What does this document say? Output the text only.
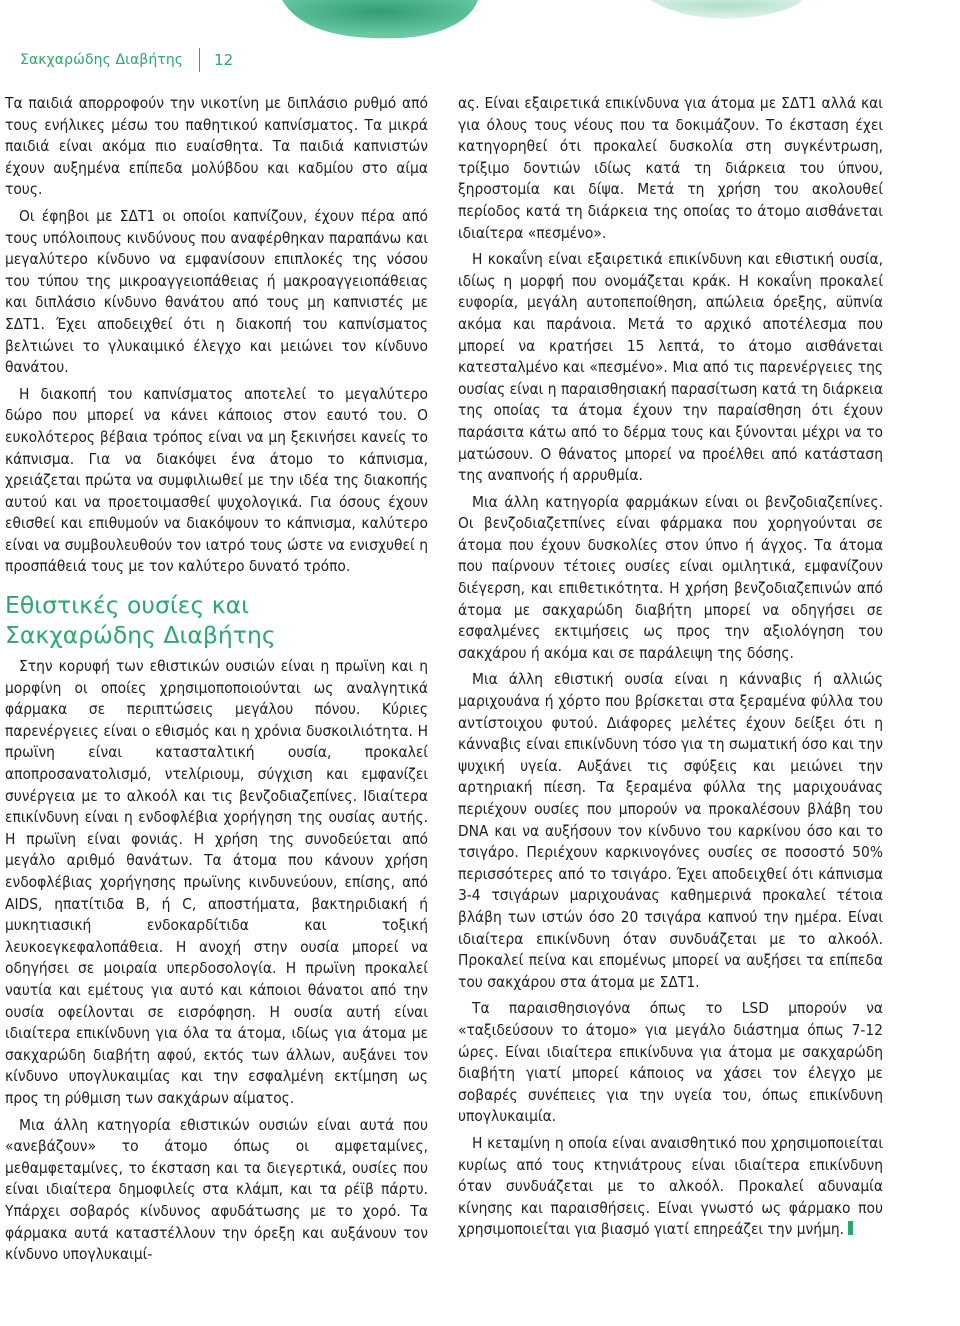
Σακχαρώδης Διαβήτης 12

Τα παιδιά απορροφούν την νικοτίνη με διπλάσιο ρυθμό από τους ενήλικες μέσω του παθητικού καπνίσματος. Τα μικρά παιδιά είναι ακόμα πιο ευαίσθητα. Τα παιδιά καπνιστών έχουν αυξημένα επίπεδα μολύβδου και καδμίου στο αίμα τους.

Οι έφηβοι με ΣΔΤ1 οι οποίοι καπνίζουν, έχουν πέρα από τους υπόλοιπους κινδύνους που αναφέρθηκαν παραπάνω και μεγαλύτερο κίνδυνο να εμφανίσουν επιπλοκές της νόσου του τύπου της μικροαγγειοπάθειας ή μακροαγγειοπάθειας και διπλάσιο κίνδυνο θανάτου από τους μη καπνιστές με ΣΔΤ1. Έχει αποδειχθεί ότι η διακοπή του καπνίσματος βελτιώνει το γλυκαιμικό έλεγχο και μειώνει τον κίνδυνο θανάτου.

Η διακοπή του καπνίσματος αποτελεί το μεγαλύτερο δώρο που μπορεί να κάνει κάποιος στον εαυτό του. Ο ευκολότερος βέβαια τρόπος είναι να μη ξεκινήσει κανείς το κάπνισμα. Για να διακόψει ένα άτομο το κάπνισμα, χρειάζεται πρώτα να συμφιλιωθεί με την ιδέα της διακοπής αυτού και να προετοιμασθεί ψυχολογικά. Για όσους έχουν εθισθεί και επιθυμούν να διακόψουν το κάπνισμα, καλύτερο είναι να συμβουλευθούν τον ιατρό τους ώστε να ενισχυθεί η προσπάθειά τους με τον καλύτερο δυνατό τρόπο.

Εθιστικές ουσίες και
Σακχαρώδης Διαβήτης

Στην κορυφή των εθιστικών ουσιών είναι η πρωϊνη και η μορφίνη οι οποίες χρησιμοποποιούνται ως αναλγητικά φάρμακα σε περιπτώσεις μεγάλου πόνου. Κύριες παρενέργειες είναι ο εθισμός και η χρόνια δυσκοιλιότητα. Η πρωϊνη είναι κατασταλτική ουσία, προκαλεί αποπροσανατολισμό, ντελίριουμ, σύγχιση και εμφανίζει συνέργεια με το αλκοόλ και τις βενζοδιαζεπίνες. Ιδιαίτερα επικίνδυνη είναι η ενδοφλέβια χορήγηση της ουσίας αυτής. Η πρωϊνη είναι φονιάς. Η χρήση της συνοδεύεται από μεγάλο αριθμό θανάτων. Τα άτομα που κάνουν χρήση ενδοφλέβιας χορήγησης πρωϊνης κινδυνεύουν, επίσης, από AIDS, ηπατίτιδα Β, ή C, αποστήματα, βακτηριδιακή ή μυκητιασική ενδοκαρδίτιδα και τοξική λευκοεγκεφαλοπάθεια. Η ανοχή στην ουσία μπορεί να οδηγήσει σε μοιραία υπερδοσολογία. Η πρωϊνη προκαλεί ναυτία και εμέτους για αυτό και κάποιοι θάνατοι από την ουσία οφείλονται σε εισρόφηση. Η ουσία αυτή είναι ιδιαίτερα επικίνδυνη για όλα τα άτομα, ιδίως για άτομα με σακχαρώδη διαβήτη αφού, εκτός των άλλων, αυξάνει τον κίνδυνο υπογλυκαιμίας και την εσφαλμένη εκτίμηση ως προς τη ρύθμιση των σακχάρων αίματος.

Μια άλλη κατηγορία εθιστικών ουσιών είναι αυτά που «ανεβάζουν» το άτομο όπως οι αμφεταμίνες, μεθαμφεταμίνες, το έκσταση και τα διεγερτικά, ουσίες που είναι ιδιαίτερα δημοφιλείς στα κλάμπ, και τα ρέϊβ πάρτυ. Υπάρχει σοβαρός κίνδυνος αφυδάτωσης με το χορό. Τα φάρμακα αυτά καταστέλλουν την όρεξη και αυξάνουν τον κίνδυνο υπογλυκαιμί-

ας. Είναι εξαιρετικά επικίνδυνα για άτομα με ΣΔΤ1 αλλά και για όλους τους νέους που τα δοκιμάζουν. Το έκσταση έχει κατηγορηθεί ότι προκαλεί δυσκολία στη συγκέντρωση, τρίξιμο δοντιών ιδίως κατά τη διάρκεια του ύπνου, ξηροστομία και δίψα. Μετά τη χρήση του ακολουθεί περίοδος κατά τη διάρκεια της οποίας το άτομο αισθάνεται ιδιαίτερα «πεσμένο».

Η κοκαΐνη είναι εξαιρετικά επικίνδυνη και εθιστική ουσία, ιδίως η μορφή που ονομάζεται κράκ. Η κοκαΐνη προκαλεί ευφορία, μεγάλη αυτοπεποίθηση, απώλεια όρεξης, αϋπνία ακόμα και παράνοια. Μετά το αρχικό αποτέλεσμα που μπορεί να κρατήσει 15 λεπτά, το άτομο αισθάνεται κατεσταλμένο και «πεσμένο». Μια από τις παρενέργειες της ουσίας είναι η παραισθησιακή παρασίτωση κατά τη διάρκεια της οποίας τα άτομα έχουν την παραίσθηση ότι έχουν παράσιτα κάτω από το δέρμα τους και ξύνονται μέχρι να το ματώσουν. Ο θάνατος μπορεί να προέλθει από κατάσταση της αναπνοής ή αρρυθμία.

Μια άλλη κατηγορία φαρμάκων είναι οι βενζοδιαζεπίνες. Οι βενζοδιαζετπίνες είναι φάρμακα που χορηγούνται σε άτομα που έχουν δυσκολίες στον ύπνο ή άγχος. Τα άτομα που παίρνουν τέτοιες ουσίες είναι ομιλητικά, εμφανίζουν διέγερση, και επιθετικότητα. Η χρήση βενζοδιαζεπινών από άτομα με σακχαρώδη διαβήτη μπορεί να οδηγήσει σε εσφαλμένες εκτιμήσεις ως προς την αξιολόγηση του σακχάρου ή ακόμα και σε παράλειψη της δόσης.

Μια άλλη εθιστική ουσία είναι η κάνναβις ή αλλιώς μαριχουάνα ή χόρτο που βρίσκεται στα ξεραμένα φύλλα του αντίστοιχου φυτού. Διάφορες μελέτες έχουν δείξει ότι η κάνναβις είναι επικίνδυνη τόσο για τη σωματική όσο και την ψυχική υγεία. Αυξάνει τις σφύξεις και μειώνει την αρτηριακή πίεση. Τα ξεραμένα φύλλα της μαριχουάνας περιέχουν ουσίες που μπορούν να προκαλέσουν βλάβη του DNA και να αυξήσουν τον κίνδυνο του καρκίνου όσο και το τσιγάρο. Περιέχουν καρκινογόνες ουσίες σε ποσοστό 50% περισσότερες από το τσιγάρο. Έχει αποδειχθεί ότι κάπνισμα 3-4 τσιγάρων μαριχουάνας καθημερινά προκαλεί τέτοια βλάβη των ιστών όσο 20 τσιγάρα καπνού την ημέρα. Είναι ιδιαίτερα επικίνδυνη όταν συνδυάζεται με το αλκοόλ. Προκαλεί πείνα και επομένως μπορεί να αυξήσει τα επίπεδα του σακχάρου στα άτομα με ΣΔΤ1.

Τα παραισθησιογόνα όπως το LSD μπορούν να «ταξιδεύσουν το άτομο» για μεγάλο διάστημα όπως 7-12 ώρες. Είναι ιδιαίτερα επικίνδυνα για άτομα με σακχαρώδη διαβήτη γιατί μπορεί κάποιος να χάσει τον έλεγχο με σοβαρές συνέπειες για την υγεία του, όπως επικίνδυνη υπογλυκαιμία.

Η κεταμίνη η οποία είναι αναισθητικό που χρησιμοποιείται κυρίως από τους κτηνιάτρους είναι ιδιαίτερα επικίνδυνη όταν συνδυάζεται με το αλκοόλ. Προκαλεί αδυναμία κίνησης και παραισθήσεις. Είναι γνωστό ως φάρμακο που χρησιμοποιείται για βιασμό γιατί επηρεάζει την μνήμη.
